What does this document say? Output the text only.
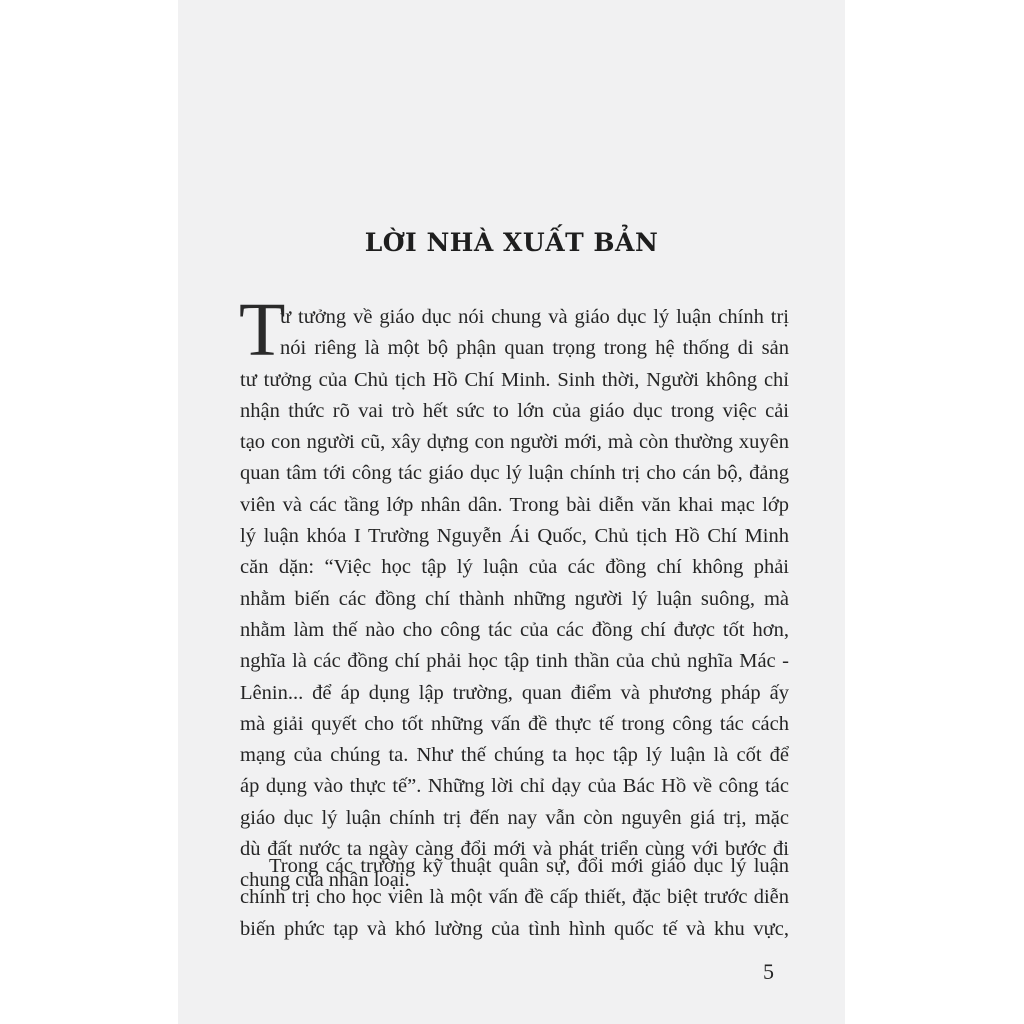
LỜI NHÀ XUẤT BẢN
T
ư tưởng về giáo dục nói chung và giáo dục lý luận chính trị
nói riêng là một bộ phận quan trọng trong hệ thống di sản
tư tưởng của Chủ tịch Hồ Chí Minh. Sinh thời, Người không chỉ
nhận thức rõ vai trò hết sức to lớn của giáo dục trong việc cải
tạo con người cũ, xây dựng con người mới, mà còn thường xuyên
quan tâm tới công tác giáo dục lý luận chính trị cho cán bộ, đảng
viên và các tầng lớp nhân dân. Trong bài diễn văn khai mạc lớp
lý luận khóa I Trường Nguyễn Ái Quốc, Chủ tịch Hồ Chí Minh
căn dặn: “Việc học tập lý luận của các đồng chí không phải
nhằm biến các đồng chí thành những người lý luận suông, mà
nhằm làm thế nào cho công tác của các đồng chí được tốt hơn,
nghĩa là các đồng chí phải học tập tinh thần của chủ nghĩa Mác -
Lênin... để áp dụng lập trường, quan điểm và phương pháp ấy
mà giải quyết cho tốt những vấn đề thực tế trong công tác cách
mạng của chúng ta. Như thế chúng ta học tập lý luận là cốt để
áp dụng vào thực tế”. Những lời chỉ dạy của Bác Hồ về công tác
giáo dục lý luận chính trị đến nay vẫn còn nguyên giá trị, mặc
dù đất nước ta ngày càng đổi mới và phát triển cùng với bước đi
chung của nhân loại.
Trong các trường kỹ thuật quân sự, đổi mới giáo dục lý luận
chính trị cho học viên là một vấn đề cấp thiết, đặc biệt trước diễn
biến phức tạp và khó lường của tình hình quốc tế và khu vực,
5
